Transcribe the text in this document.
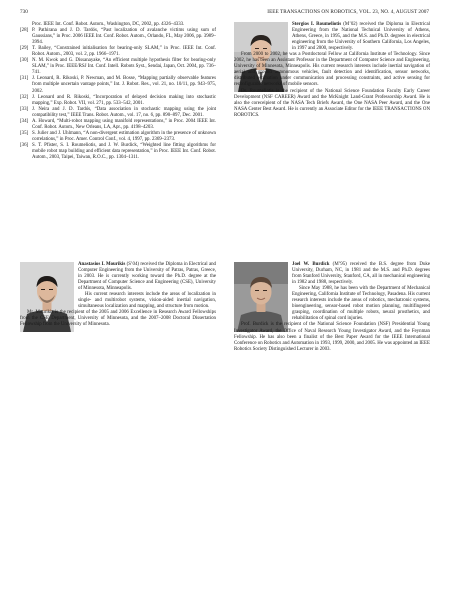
730	IEEE TRANSACTIONS ON ROBOTICS, VOL. 23, NO. 4, AUGUST 2007

Proc. IEEE Int. Conf. Robot. Autom., Washington, DC, 2002, pp. 4326–4333.

[28] P. Pathirana and J. D. Tardós, “Past localization of avalanche victims using sum of Gaussians,” in Proc. 2006 IEEE Int. Conf. Robot. Autom., Orlando, FL, May 2006, pp. 3989–3994.

[29] T. Bailey, “Constrained initialisation for bearing-only SLAM,” in Proc. IEEE Int. Conf. Robot. Autom., 2003, vol. 2, pp. 1966–1971.

[30] N. M. Kwok and G. Dissanayake, “An efficient multiple hypothesis filter for bearing-only SLAM,” in Proc. IEEE/RSJ Int. Conf. Intell. Robots Syst., Sendai, Japan, Oct. 2004, pp. 736–741.

[31] J. Leonard, R. Rikoski, P. Newman, and M. Bosse, “Mapping partially observable features from multiple uncertain vantage points,” Int. J. Robot. Res., vol. 21, no. 10/11, pp. 943–975, 2002.

[32] J. Leonard and R. Rikoski, “Incorporation of delayed decision making into stochastic mapping,” Exp. Robot. VII, vol. 271, pp. 533–542, 2001.

[33] J. Neira and J. D. Tardós, “Data association in stochastic mapping using the joint compatibility test,” IEEE Trans. Robot. Autom., vol. 17, no. 6, pp. 890–897, Dec. 2001.

[34] A. Howard, “Multi-robot mapping using manifold representations,” in Proc. 2004 IEEE Int. Conf. Robot. Autom., New Orleans, LA, Apr., pp. 4198–4203.

[35] S. Julier and J. Uhlmann, “A non-divergent estimation algorithm in the presence of unknown correlations,” in Proc. Amer. Control Conf., vol. 4, 1997, pp. 2369–2373.

[36] S. T. Pfister, S. I. Roumeliotis, and J. W. Burdick, “Weighted line fitting algorithms for mobile robot map building and efficient data representation,” in Proc. IEEE Int. Conf. Robot. Autom., 2003, Taipei, Taiwan, R.O.C., pp. 1304–1311.

Stergios I. Roumeliotis (M’02) received the Diploma in Electrical Engineering from the National Technical University of Athens, Athens, Greece, in 1995, and the M.S. and Ph.D. degrees in electrical engineering from the University of Southern California, Los Angeles, in 1997 and 2000, respectively.

From 2000 to 2002, he was a Postdoctoral Fellow at California Institute of Technology. Since 2002, he has been an Assistant Professor in the Department of Computer Science and Engineering, University of Minnesota, Minneapolis. His current research interests include inertial navigation of aerial and ground autonomous vehicles, fault detection and identification, sensor networks, distributed estimation under communication and processing constraints, and active sensing for reconfigurable networks of mobile sensors.

Dr. Roumeliotis is the recipient of the National Science Foundation Faculty Early Career Development (NSF CAREER) Award and the McKnight Land-Grant Professorship Award. He is also the coreceipient of the NASA Tech Briefs Award, the One NASA Peer Award, and the One NASA Center Best Award. He is currently an Associate Editor for the IEEE TRANSACTIONS ON ROBOTICS.

Anastasios I. Mourikis (S’04) received the Diploma in Electrical and Computer Engineering from the University of Patras, Patras, Greece, in 2003. He is currently working toward the Ph.D. degree at the Department of Computer Science and Engineering (CSE), University of Minnesota, Minneapolis.

His current research interests include the areas of localization in single- and multirobot systems, vision-aided inertial navigation, simultaneous localization and mapping, and structure from motion.

Mr. Mourikis is the recipient of the 2005 and 2006 Excellence in Research Award Fellowships from the CSE Department, University of Minnesota, and the 2007–2008 Doctoral Dissertation Fellowship from the University of Minnesota.

Joel W. Burdick (M’95) received the B.S. degree from Duke University, Durham, NC, in 1981 and the M.S. and Ph.D. degrees from Stanford University, Stanford, CA, all in mechanical engineering in 1982 and 1988, respectively.

Since May 1988, he has been with the Department of Mechanical Engineering, California Institute of Technology, Pasadena. His current research interests include the areas of robotics, mechatronic systems, bioengineering, sensor-based robot motion planning, multifingered grasping, coordination of multiple robots, neural prosthetics, and rehabilitation of spinal cord injuries.

Prof. Burdick is the recipient of the National Science Foundation (NSF) Presidential Young Investigator Award, the Office of Naval Research Young Investigator Award, and the Feynman Fellowship. He has also been a finalist of the Best Paper Award for the IEEE International Conference on Robotics and Automation in 1993, 1999, 2000, and 2005. He was appointed an IEEE Robotics Society Distinguished Lecturer in 2003.
